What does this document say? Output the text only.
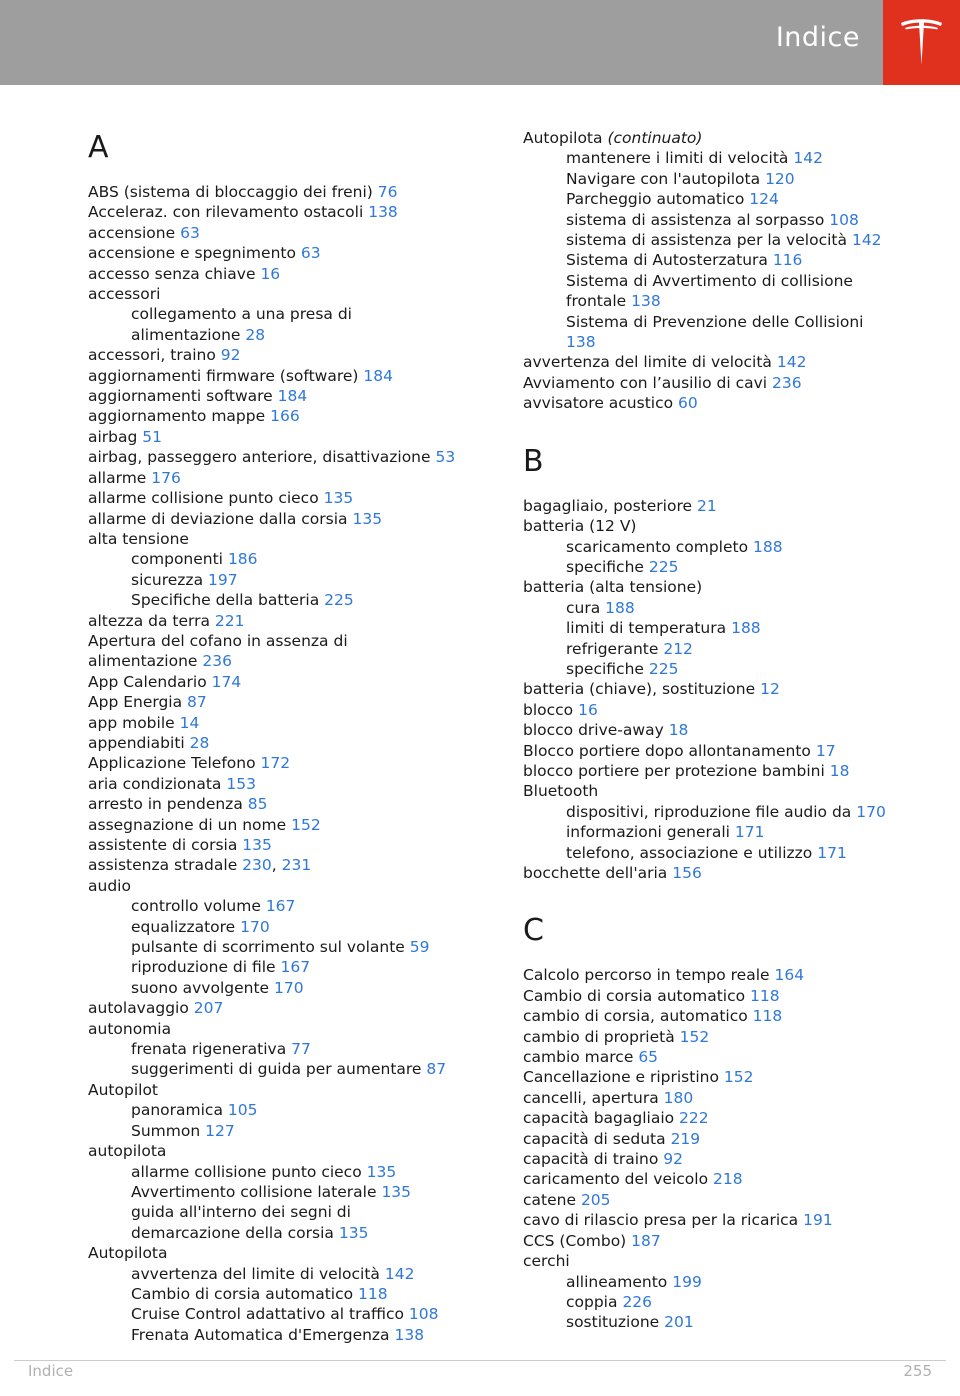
Indice
A
ABS (sistema di bloccaggio dei freni) 76
Acceleraz. con rilevamento ostacoli 138
accensione 63
accensione e spegnimento 63
accesso senza chiave 16
accessori
collegamento a una presa di
alimentazione 28
accessori, traino 92
aggiornamenti firmware (software) 184
aggiornamenti software 184
aggiornamento mappe 166
airbag 51
airbag, passeggero anteriore, disattivazione 53
allarme 176
allarme collisione punto cieco 135
allarme di deviazione dalla corsia 135
alta tensione
componenti 186
sicurezza 197
Specifiche della batteria 225
altezza da terra 221
Apertura del cofano in assenza di
alimentazione 236
App Calendario 174
App Energia 87
app mobile 14
appendiabiti 28
Applicazione Telefono 172
aria condizionata 153
arresto in pendenza 85
assegnazione di un nome 152
assistente di corsia 135
assistenza stradale 230, 231
audio
controllo volume 167
equalizzatore 170
pulsante di scorrimento sul volante 59
riproduzione di file 167
suono avvolgente 170
autolavaggio 207
autonomia
frenata rigenerativa 77
suggerimenti di guida per aumentare 87
Autopilot
panoramica 105
Summon 127
autopilota
allarme collisione punto cieco 135
Avvertimento collisione laterale 135
guida all'interno dei segni di
demarcazione della corsia 135
Autopilota
avvertenza del limite di velocità 142
Cambio di corsia automatico 118
Cruise Control adattativo al traffico 108
Frenata Automatica d'Emergenza 138
Autopilota (continuato)
mantenere i limiti di velocità 142
Navigare con l'autopilota 120
Parcheggio automatico 124
sistema di assistenza al sorpasso 108
sistema di assistenza per la velocità 142
Sistema di Autosterzatura 116
Sistema di Avvertimento di collisione
frontale 138
Sistema di Prevenzione delle Collisioni
138
avvertenza del limite di velocità 142
Avviamento con l’ausilio di cavi 236
avvisatore acustico 60
B
bagagliaio, posteriore 21
batteria (12 V)
scaricamento completo 188
specifiche 225
batteria (alta tensione)
cura 188
limiti di temperatura 188
refrigerante 212
specifiche 225
batteria (chiave), sostituzione 12
blocco 16
blocco drive-away 18
Blocco portiere dopo allontanamento 17
blocco portiere per protezione bambini 18
Bluetooth
dispositivi, riproduzione file audio da 170
informazioni generali 171
telefono, associazione e utilizzo 171
bocchette dell'aria 156
C
Calcolo percorso in tempo reale 164
Cambio di corsia automatico 118
cambio di corsia, automatico 118
cambio di proprietà 152
cambio marce 65
Cancellazione e ripristino 152
cancelli, apertura 180
capacità bagagliaio 222
capacità di seduta 219
capacità di traino 92
caricamento del veicolo 218
catene 205
cavo di rilascio presa per la ricarica 191
CCS (Combo) 187
cerchi
allineamento 199
coppia 226
sostituzione 201
Indice	255
